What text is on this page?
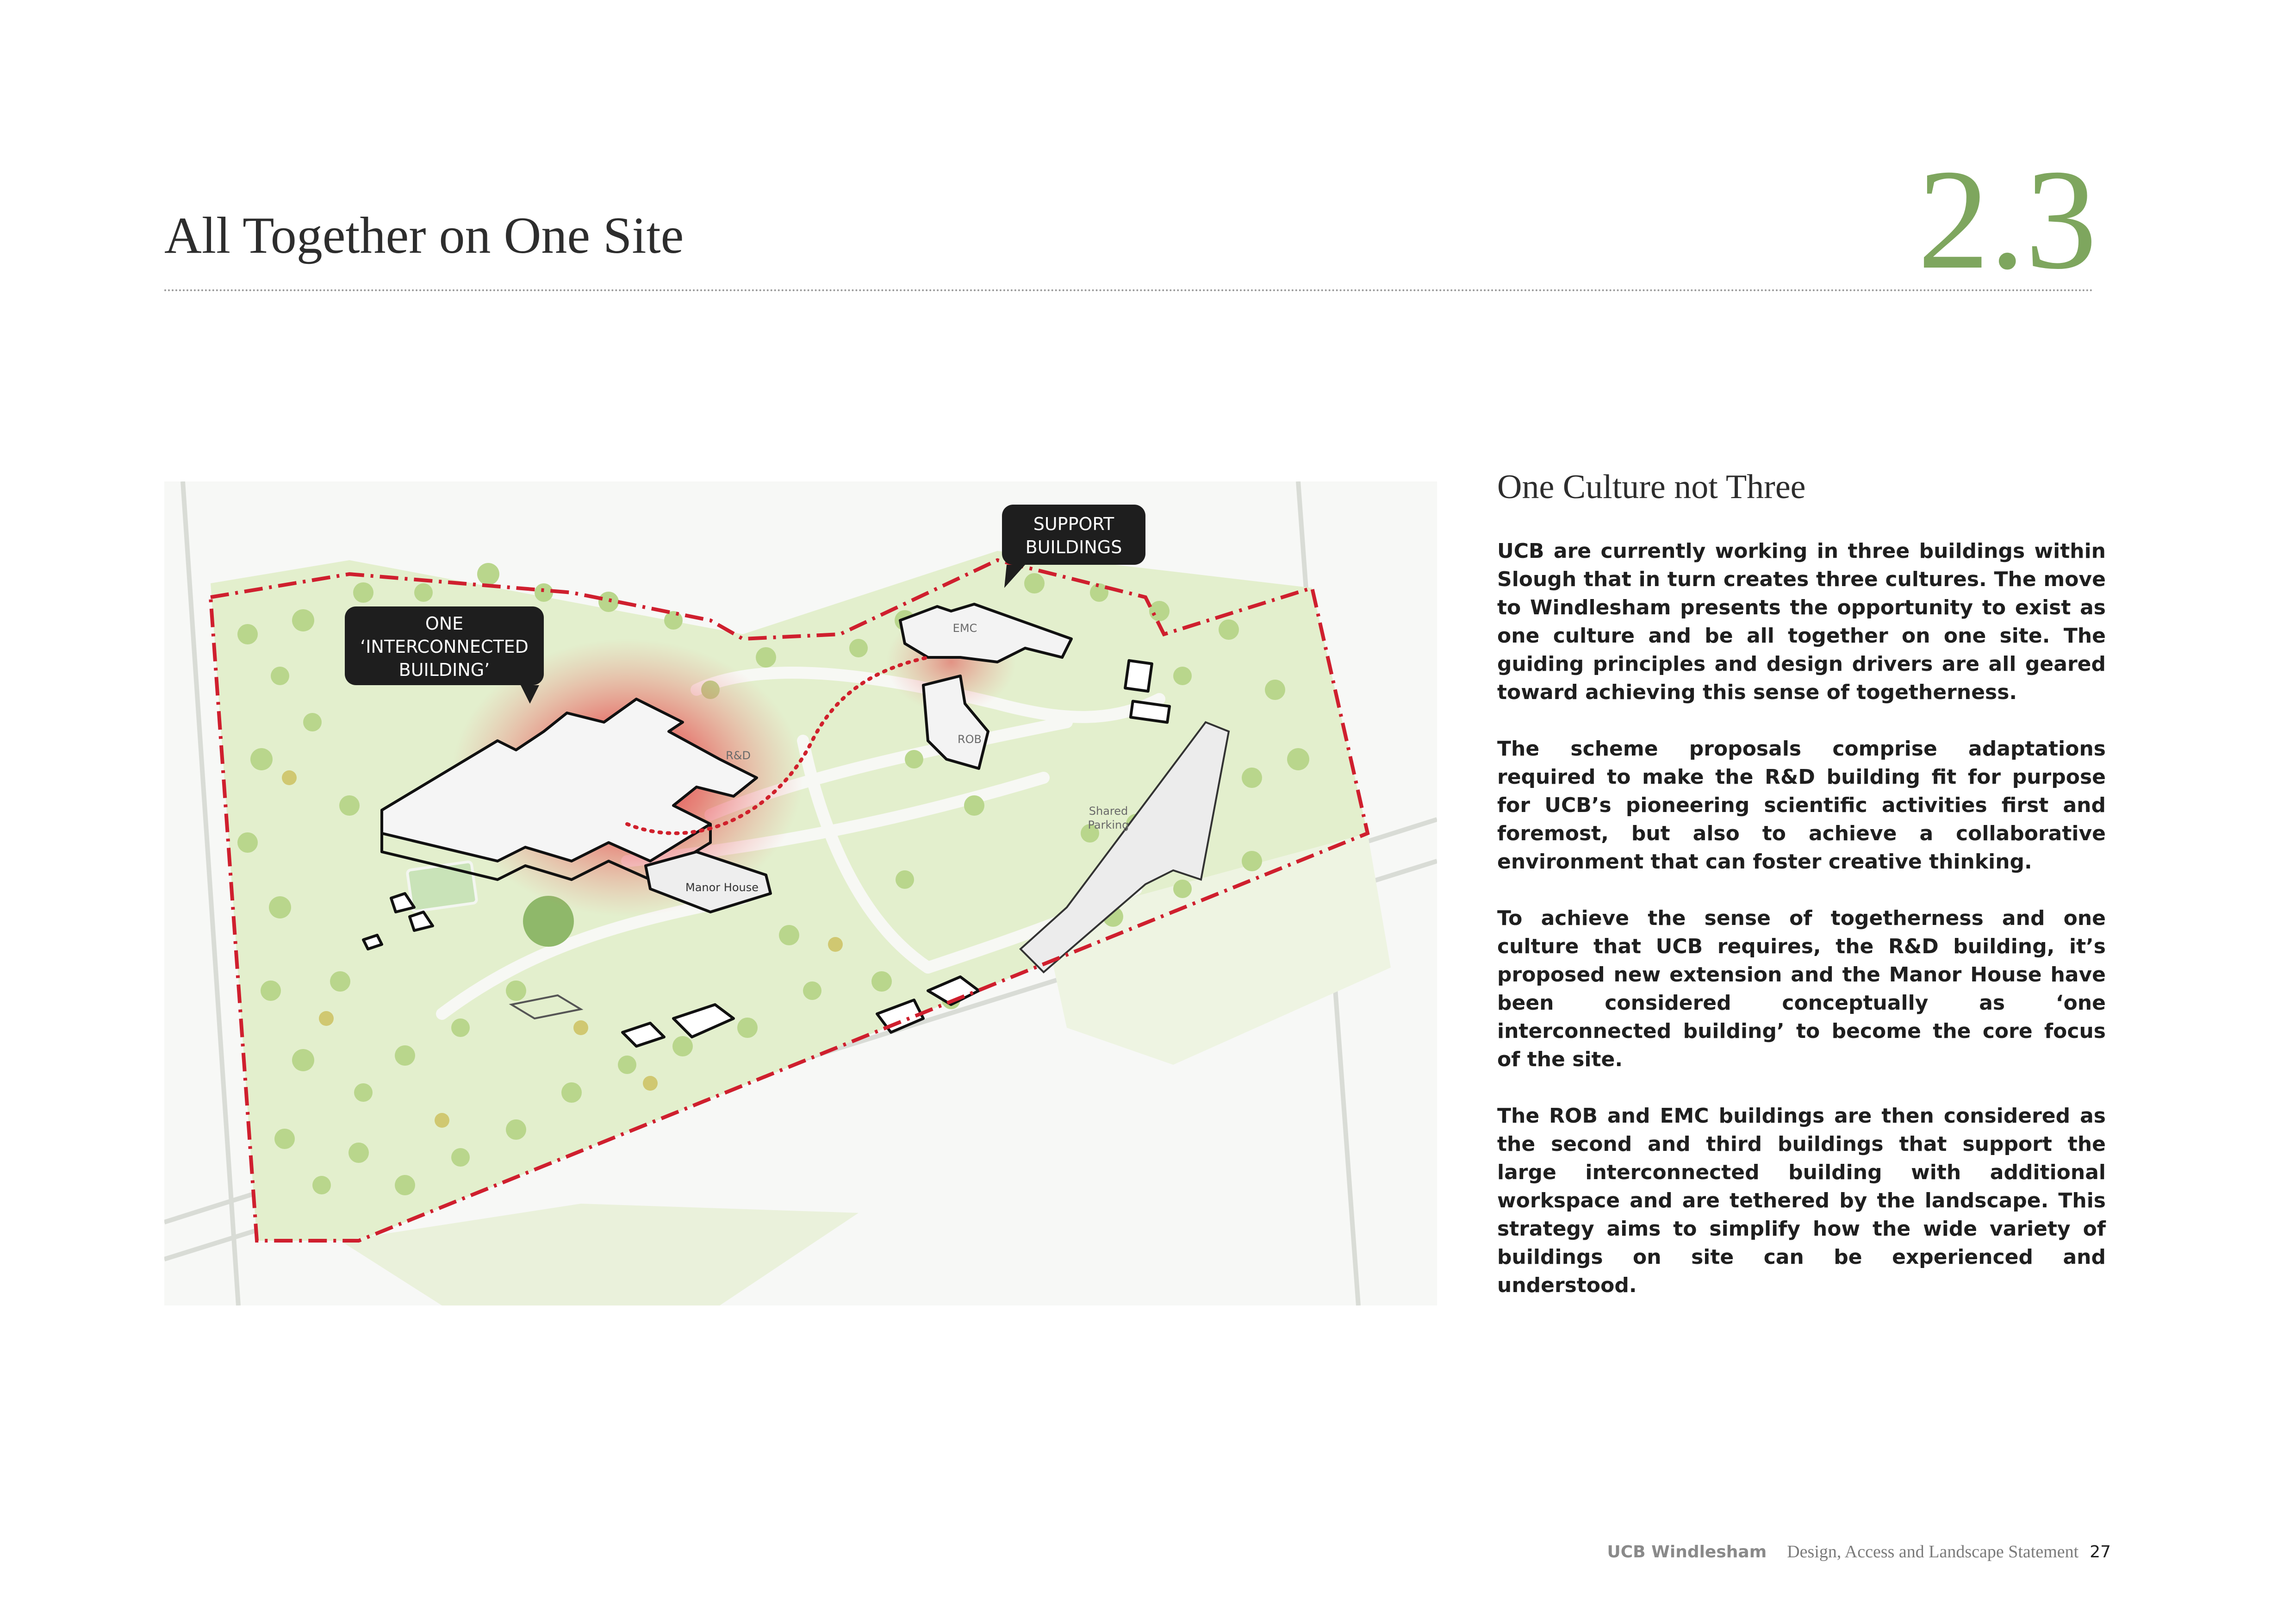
All Together on One Site	2.3
R&D
EMC
ROB
Manor House
Shared
Parking
ONE
‘INTERCONNECTED
BUILDING’
SUPPORT
BUILDINGS
One Culture not Three

UCB are currently working in three buildings within Slough that in turn creates three cultures. The move to Windlesham presents the opportunity to exist as one culture and be all together on one site. The guiding principles and design drivers are all geared toward achieving this sense of togetherness.

The scheme proposals comprise adaptations required to make the R&D building fit for purpose for UCB’s pioneering scientific activities first and foremost, but also to achieve a collaborative environment that can foster creative thinking.

To achieve the sense of togetherness and one culture that UCB requires, the R&D building, it’s proposed new extension and the Manor House have been considered conceptually as ‘one interconnected building’ to become the core focus of the site.

The ROB and EMC buildings are then considered as the second and third buildings that support the large interconnected building with additional workspace and are tethered by the landscape. This strategy aims to simplify how the wide variety of buildings on site can be experienced and understood.

UCB Windlesham Design, Access and Landscape Statement 27
